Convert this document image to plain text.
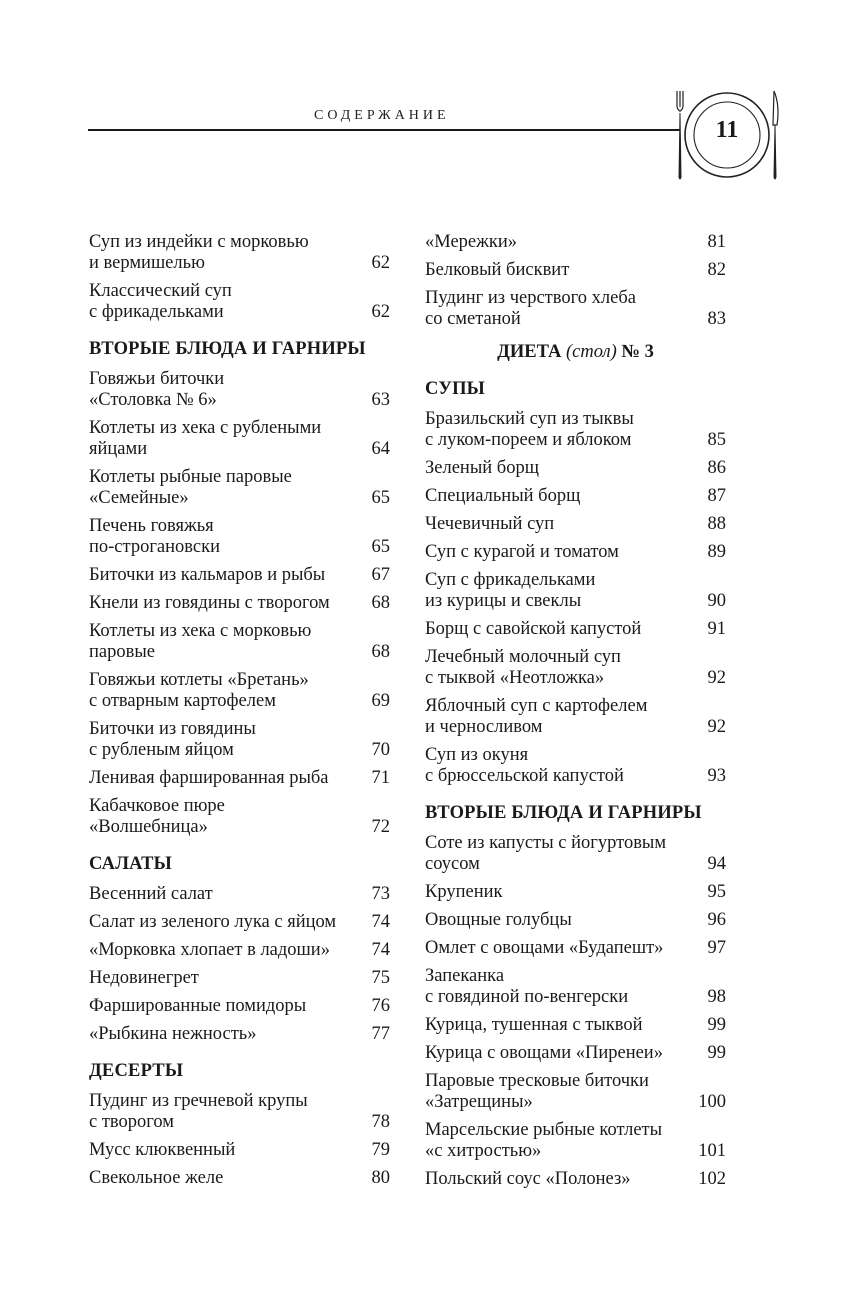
СОДЕРЖАНИЕ
11
Суп из индейки с морковью
и вермишелью	62
Классический суп
с фрикадельками	62
ВТОРЫЕ БЛЮДА И ГАРНИРЫ
Говяжьи биточки
«Столовка № 6»	63
Котлеты из хека с рублеными
яйцами	64
Котлеты рыбные паровые
«Семейные»	65
Печень говяжья
по-строгановски	65
Биточки из кальмаров и рыбы	67
Кнели из говядины с творогом	68
Котлеты из хека с морковью
паровые	68
Говяжьи котлеты «Бретань»
с отварным картофелем	69
Биточки из говядины
с рубленым яйцом	70
Ленивая фаршированная рыба	71
Кабачковое пюре
«Волшебница»	72
САЛАТЫ
Весенний салат	73
Салат из зеленого лука с яйцом	74
«Морковка хлопает в ладоши»	74
Недовинегрет	75
Фаршированные помидоры	76
«Рыбкина нежность»	77
ДЕСЕРТЫ
Пудинг из гречневой крупы
с творогом	78
Мусс клюквенный	79
Свекольное желе	80
«Мережки»	81
Белковый бисквит	82
Пудинг из черствого хлеба
со сметаной	83
ДИЕТА (стол) № 3
СУПЫ
Бразильский суп из тыквы
с луком-пореем и яблоком	85
Зеленый борщ	86
Специальный борщ	87
Чечевичный суп	88
Суп с курагой и томатом	89
Суп с фрикадельками
из курицы и свеклы	90
Борщ с савойской капустой	91
Лечебный молочный суп
с тыквой «Неотложка»	92
Яблочный суп с картофелем
и черносливом	92
Суп из окуня
с брюссельской капустой	93
ВТОРЫЕ БЛЮДА И ГАРНИРЫ
Соте из капусты с йогуртовым
соусом	94
Крупеник	95
Овощные голубцы	96
Омлет с овощами «Будапешт»	97
Запеканка
с говядиной по-венгерски	98
Курица, тушенная с тыквой	99
Курица с овощами «Пиренеи»	99
Паровые тресковые биточки
«Затрещины»	100
Марсельские рыбные котлеты
«с хитростью»	101
Польский соус «Полонез»	102
